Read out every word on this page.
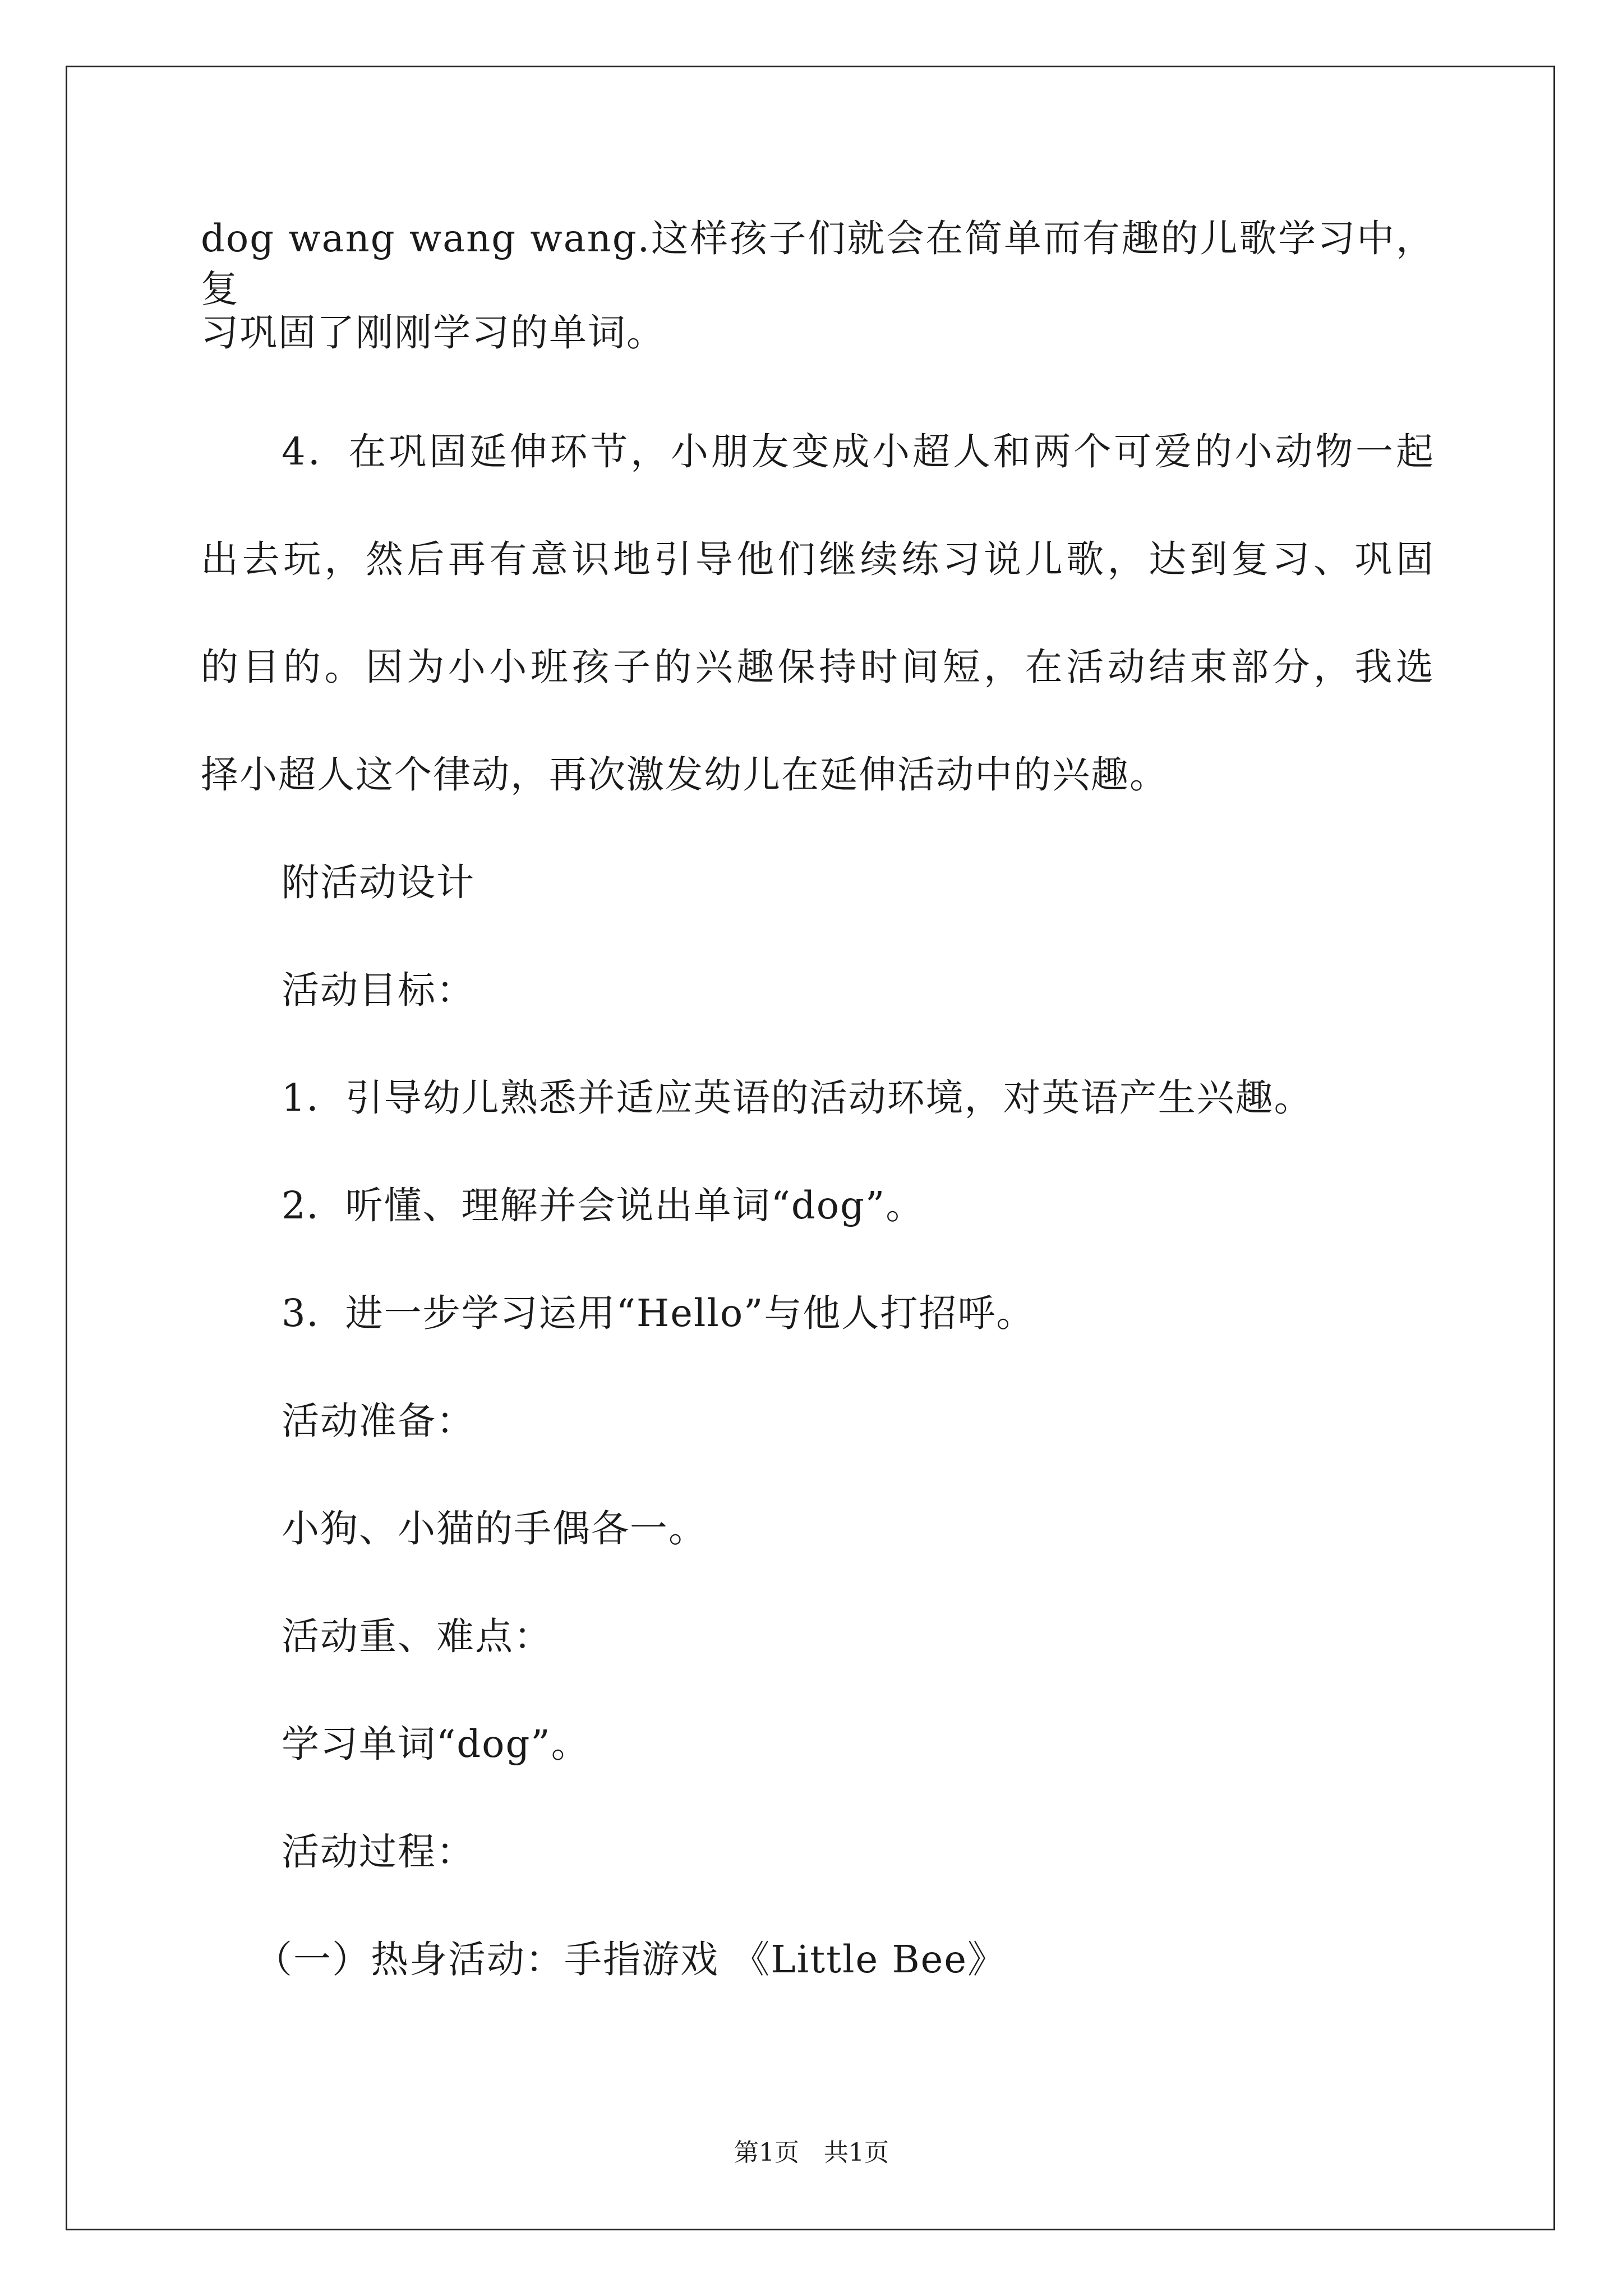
dog wang wang wang.这样孩子们就会在简单而有趣的儿歌学习中，复
习巩固了刚刚学习的单词。
4．在巩固延伸环节，小朋友变成小超人和两个可爱的小动物一起
出去玩，然后再有意识地引导他们继续练习说儿歌，达到复习、巩固
的目的。因为小小班孩子的兴趣保持时间短，在活动结束部分，我选
择小超人这个律动，再次激发幼儿在延伸活动中的兴趣。
附活动设计
活动目标：
1．引导幼儿熟悉并适应英语的活动环境，对英语产生兴趣。
2．听懂、理解并会说出单词“dog”。
3．进一步学习运用“Hello”与他人打招呼。
活动准备：
小狗、小猫的手偶各一。
活动重、难点：
学习单词“dog”。
活动过程：
（一）热身活动：手指游戏 《Little Bee》
第1页　共1页
